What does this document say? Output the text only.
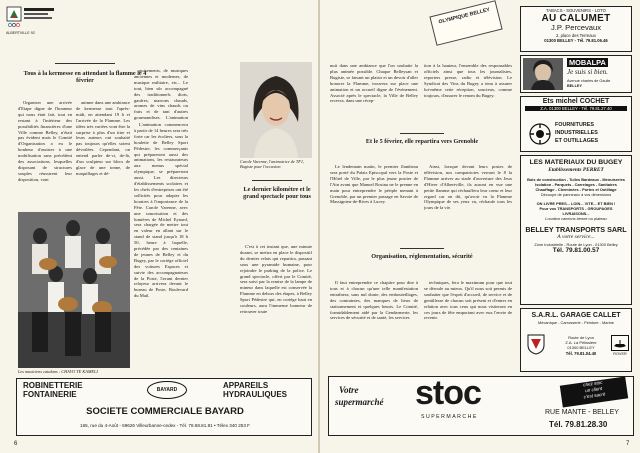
ALBERTVILLE 92
Tous à la kermesse en attendant la flamme le 4 février

Organiser une arrivée d'Etape digne de l'honneur qui nous était fait, tout en restant à l'intérieur des possibilités financières d'une Ville comme Belley, n'était pas évident mais le Comité d'Organisation a eu le bonheur d'assister à une mobilisation sans précédent des associations, lesquelles disposant de structures souples réussirent leur disposition, vont

animer dans une ambiance de kermesse tout l'après-midi, en attendant 19 h et l'arrivée de la Flamme. Les idées très variées vont être la surprise à plus d'un titre et leurs auteurs ont souhaité pas toujours qu'elles soient dévoilées. Cependant, on entend parler de-ci, de-là, d'un sculpteur sur blocs de glace de une tonne, de maquillages et dé-

guisements, de musiques anciennes et modernes, de musique militaire, etc... Le tout, bien sûr accompagné des traditionnels diots, gaufres, marrons chauds, aromes de vins chauds ou frais et de tant d'autres gourmandises. L'animation

Les musiciens catalans : CHAVO TE KAMELI

L'animation commencera à partir de 14 heures sera très forte car les écoliers, sous la houlette de Belley Sport Pédestre, les commerçants qui prépareront aussi des animations, les restaurateurs aux menus spécial olympique, se prépareront aussi. Les directeurs d'établissements scolaires et les chefs d'entreprises ont été sollicités pour adapter les horaires à l'importance de la Fête. Carole Varenne, avec une sonorisation et des lumières de Michel Eynard, sera chargée de mettre tout en valeur en allant sur le stand de stand jusqu'à 18 h 50, heure à laquelle, précédée par des centaines de jeunes de Belley et du Bugey, par le cortège officiel des voitures Espaces et suivie des accompagnateurs de la Poste, l'avant dernier relayeur arrivera devant le bureau de Poste, Boulevard du Mail.

Carole Varenne, l'animatrice de TF1, Bugiste pour l'occasion
Le dernier kilomètre et le grand spectacle pour tous

C'est à cet instant que, une minute durant, se mettra en place le dispositif du dernier relais qui repartira, passant sous une pyramide humaine, pour rejoindre le parking de la police. Le grand spectacle, offert par le Comité, sera suivi par la remise de la lampe de mineur dans laquelle est conservée la Flamme en dehors des étapes, à Belley Sport Pédestre qui, en cortège haut en couleurs, aura l'immense honneur de retrouver toute

6
ROBINETTERIE
FONTAINERIE	BAYARD	APPAREILS
HYDRAULIQUES
SOCIETE COMMERCIALE BAYARD
165, rue du 4-Août - 69626 Villeurbanne-cedex - Tél. 78.68.81.81 • Télex 340 253 F
OLYMPIQUE BELLEY

nuit dans une ambiance que l'on souhaite la plus animée possible. Chaque Belleysan et Bugiste, se faisant un plaisir et un devoir d'aller honorer la Flamme, trouvera sur place une animation et un accueil digne de l'événement. Associé après le spectacle, la Ville de Belley recevra, dans une récep-

tion à la hauteur, l'ensemble des responsables officiels ainsi que tous les journalistes, reporters presse, radio et télévision. Le Syndicat des Vins du Bugey a tenu à assurer lui-même cette réception, soucieux, comme toujours, d'assurer le renom du Bugey.

Et le 5 février, elle repartira vers Grenoble

Le lendemain matin, le premier flambeau sera porté du Palais Episcopal vers la Poste et l'Hôtel de Ville, par le plus jeune postier de l'Ain avant que Manuel Rosina ne le prenne en main pour entreprendre le périple menant à Grenoble, par un premier passage en Savoie de Massignieu-de-Rives à Lucey.

Ainsi, lorsque devant leurs postes de télévision, nos compatriotes verront le 8 la Flamme arriver au stade d'ouverture des Jeux d'Hiver d'Albertville, ils auront en vue une petite flamme qui réchauffera leur coeur et leur regard car on dit, qu'avoir vu la Flamme Olympique de ses yeux vu, réchaufe tous les jours de la vie.

Organisation, réglementation, sécurité

Il faut entreprendre ce chapitre pour dire à tous et à chacun qu'une telle manifestation entraînera, sans nul doute, des embouteillages, des contraintes, des manques de lieux de stationnement et quelques heurts. Le Comité, formidablement aidé par la Gendarmerie, les services de sécurité et de santé, les services

techniques, fera le maximum pour que tout se déroule au mieux. Qu'il nous soit permis de souhaiter que l'esprit d'accueil, de service et de gentillesse de chacun soit présent et d'entrer en relation avec tous ceux qui nous visiteront en ces jours de fête emportant avec eux l'envie de revenir.

TABACS - SOUVENIRS - LOTO
AU CALUMET
J.P. Percevaux
2, place des Terreaux
01300 BELLEY - Tél. 79.81.06.46
MOBALPA
Je suis si bien.
Avenue charles de Gaulle
BELLEY
Ets michel COCHET
Z.A. 01300 BELLEY - Tél. 79.81.27.40
FOURNITURES
INDUSTRIELLES
ET OUTILLAGES
LES MATERIAUX DU BUGEY
Etablissements PERRET
Bois de construction - Tuiles Bardeaux - Menuiseries
Isolation - Parquets - Carrelages - Sanitaires
Chauffage - Cheminées - Portes et Outillage
Découpe de panneaux à vos dimensions
ON LIVRE PRES... LOIN... VITE... ET BIEN !
Pour vos TRANSPORTS - GROUPAGES
LIVRAISONS...
Location camions benne ou plateau
BELLEY TRANSPORTS SARL
A votre service...
Zone Industrielle - Route de Lyon - 01300 Belley
Tél. 79.81.00.57
S.A.R.L. GARAGE CALLET
Mécanique - Carrosserie - Peinture - Marine
Route de Lyon
Z.A. La Pélissière
01300 BELLEY
Tél. 79.81.04.40	ROVER
Votre
supermarché stoc
SUPERMARCHE
chez stoc
un client
c'est sacré
RUE MANTE - BELLEY
Tél. 79.81.28.30
7
